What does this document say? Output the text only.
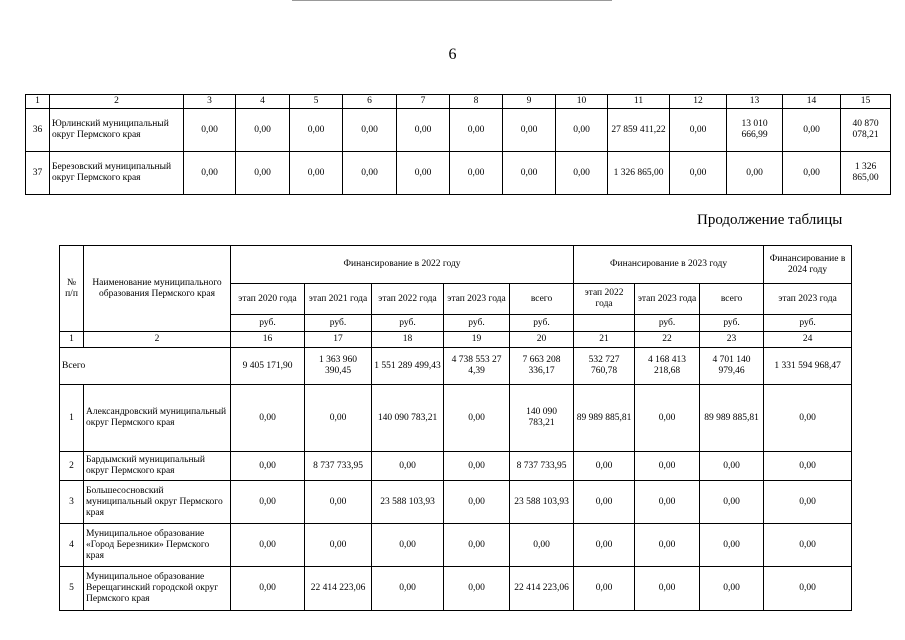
6
1	2	3	4	5	6	7	8	9	10	11	12	13	14	15
36	Юрлинский муниципальный округ Пермского края	0,00	0,00	0,00	0,00	0,00	0,00	0,00	0,00	27 859 411,22	0,00	13 010 666,99	0,00	40 870 078,21
37	Березовский муниципальный округ Пермского края	0,00	0,00	0,00	0,00	0,00	0,00	0,00	0,00	1 326 865,00	0,00	0,00	0,00	1 326 865,00
Продолжение таблицы
№ п/п	Наименование муниципального образования Пермского края	Финансирование в 2022 году					Финансирование в 2023 году			Финансирование в 2024 году
		этап 2020 года	этап 2021 года	этап 2022 года	этап 2023 года	всего	этап 2022 года	этап 2023 года	всего	этап 2023 года
		руб.	руб.	руб.	руб.	руб.		руб.	руб.	руб.
1	2	16	17	18	19	20	21	22	23	24
Всего		9 405 171,90	1 363 960 390,45	1 551 289 499,43	4 738 553 27 4,39	7 663 208 336,17	532 727 760,78	4 168 413 218,68	4 701 140 979,46	1 331 594 968,47
1	Александровский муниципальный округ Пермского края	0,00	0,00	140 090 783,21	0,00	140 090 783,21	89 989 885,81	0,00	89 989 885,81	0,00
2	Бардымский муниципальный округ Пермского края	0,00	8 737 733,95	0,00	0,00	8 737 733,95	0,00	0,00	0,00	0,00
3	Большесосновский муниципальный округ Пермского края	0,00	0,00	23 588 103,93	0,00	23 588 103,93	0,00	0,00	0,00	0,00
4	Муниципальное образование «Город Березники» Пермского края	0,00	0,00	0,00	0,00	0,00	0,00	0,00	0,00	0,00
5	Муниципальное образование Верещагинский городской округ Пермского края	0,00	22 414 223,06	0,00	0,00	22 414 223,06	0,00	0,00	0,00	0,00
